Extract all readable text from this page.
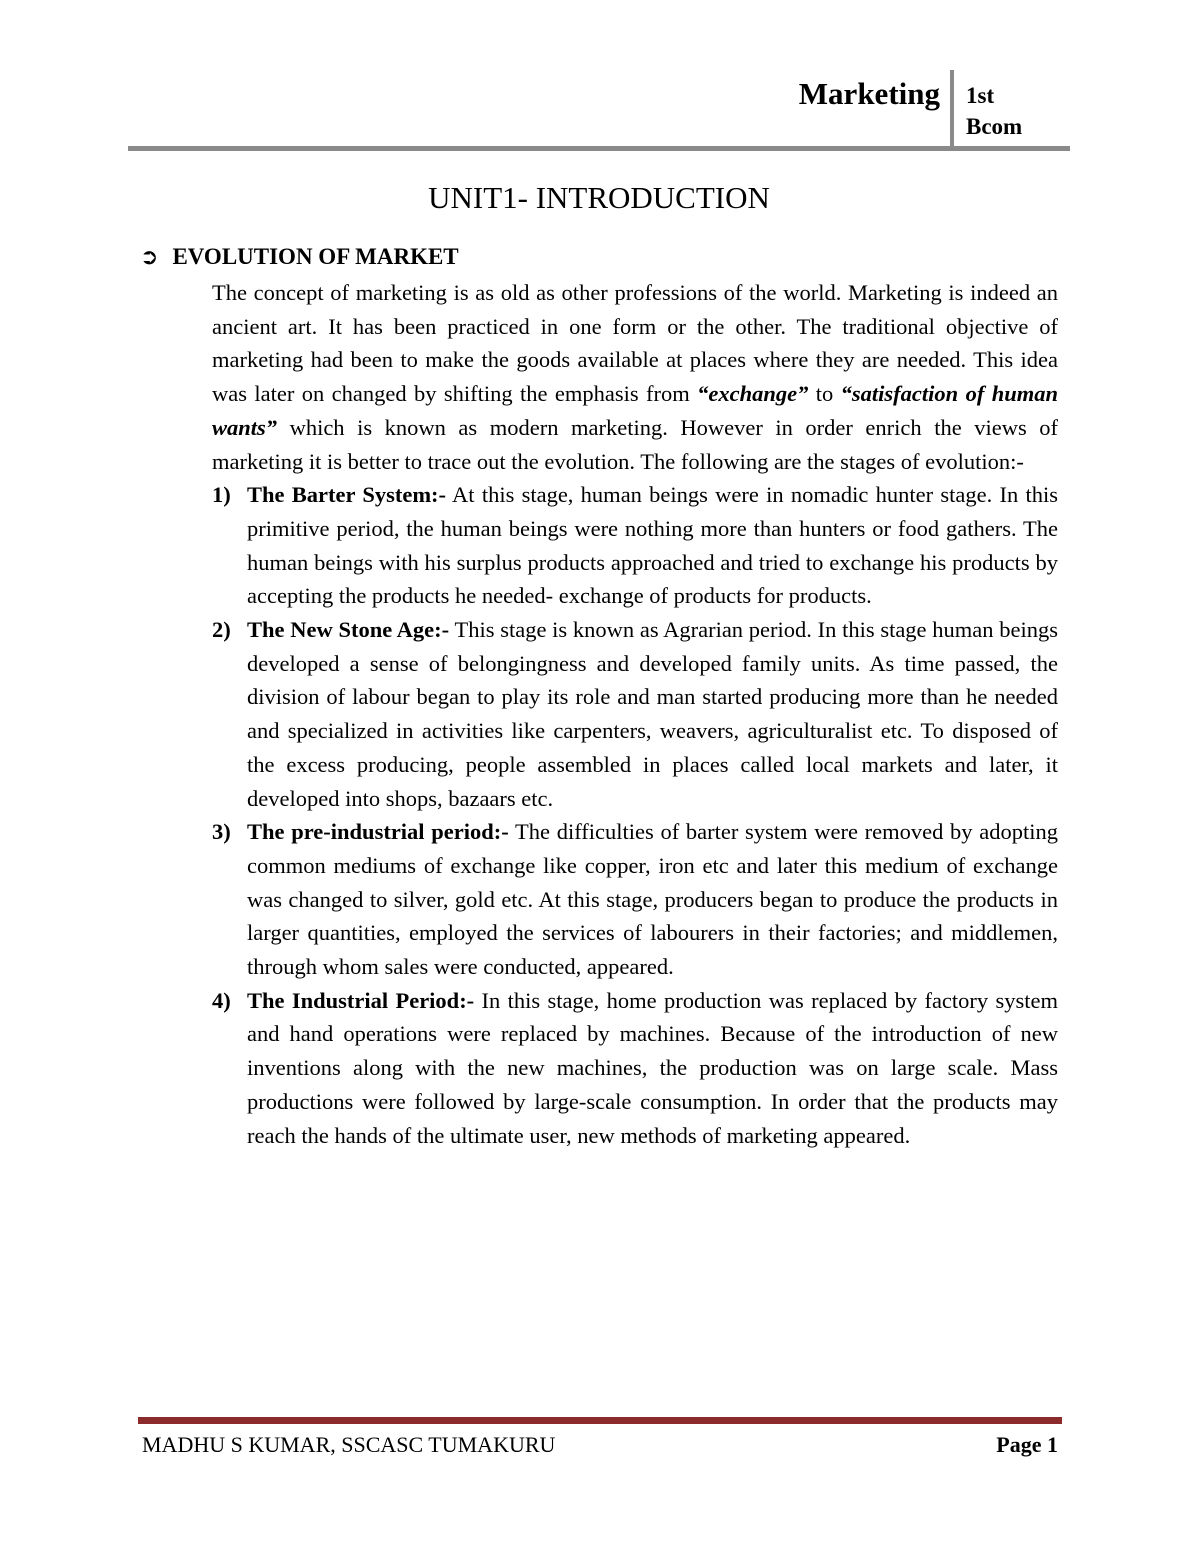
Marketing 1st
Bcom
UNIT1- INTRODUCTION
➲ EVOLUTION OF MARKET

The concept of marketing is as old as other professions of the world. Marketing is indeed an ancient art. It has been practiced in one form or the other. The traditional objective of marketing had been to make the goods available at places where they are needed. This idea was later on changed by shifting the emphasis from “exchange” to “satisfaction of human wants” which is known as modern marketing. However in order enrich the views of marketing it is better to trace out the evolution. The following are the stages of evolution:-

1) The Barter System:- At this stage, human beings were in nomadic hunter stage. In this primitive period, the human beings were nothing more than hunters or food gathers. The human beings with his surplus products approached and tried to exchange his products by accepting the products he needed- exchange of products for products.
2) The New Stone Age:- This stage is known as Agrarian period. In this stage human beings developed a sense of belongingness and developed family units. As time passed, the division of labour began to play its role and man started producing more than he needed and specialized in activities like carpenters, weavers, agriculturalist etc. To disposed of the excess producing, people assembled in places called local markets and later, it developed into shops, bazaars etc.
3) The pre-industrial period:- The difficulties of barter system were removed by adopting common mediums of exchange like copper, iron etc and later this medium of exchange was changed to silver, gold etc. At this stage, producers began to produce the products in larger quantities, employed the services of labourers in their factories; and middlemen, through whom sales were conducted, appeared.
4) The Industrial Period:- In this stage, home production was replaced by factory system and hand operations were replaced by machines. Because of the introduction of new inventions along with the new machines, the production was on large scale. Mass productions were followed by large-scale consumption. In order that the products may reach the hands of the ultimate user, new methods of marketing appeared.
MADHU S KUMAR, SSCASC TUMAKURU	Page 1
